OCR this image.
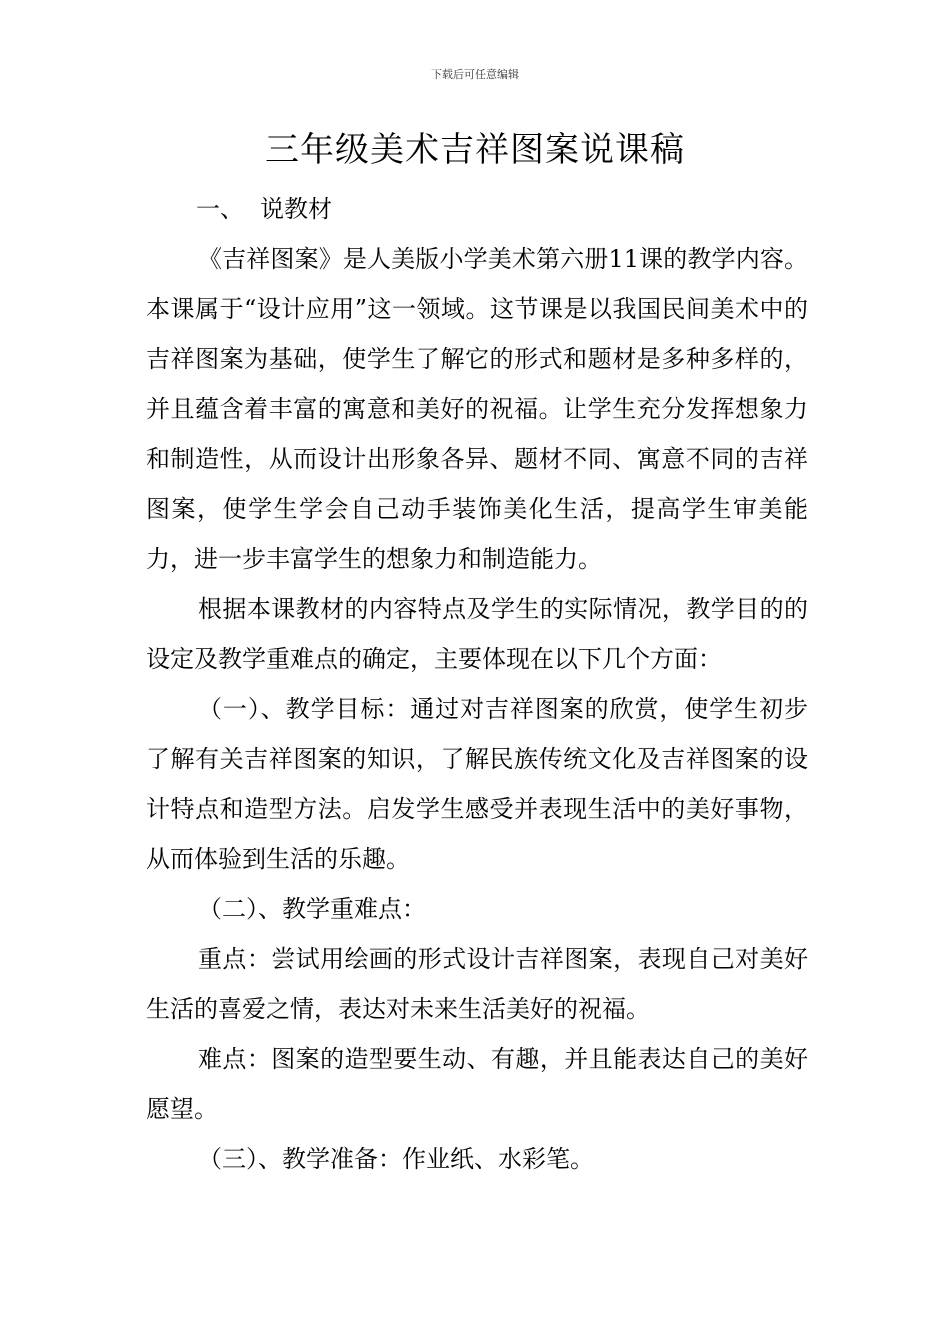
下载后可任意编辑
三年级美术吉祥图案说课稿

一、 说教材

《吉祥图案》是人美版小学美术第六册11课的教学内容。本课属于“设计应用”这一领域。这节课是以我国民间美术中的吉祥图案为基础，使学生了解它的形式和题材是多种多样的，并且蕴含着丰富的寓意和美好的祝福。让学生充分发挥想象力和制造性，从而设计出形象各异、题材不同、寓意不同的吉祥图案，使学生学会自己动手装饰美化生活，提高学生审美能力，进一步丰富学生的想象力和制造能力。

根据本课教材的内容特点及学生的实际情况，教学目的的设定及教学重难点的确定，主要体现在以下几个方面：

（一）、教学目标：通过对吉祥图案的欣赏，使学生初步了解有关吉祥图案的知识，了解民族传统文化及吉祥图案的设计特点和造型方法。启发学生感受并表现生活中的美好事物，从而体验到生活的乐趣。

（二）、教学重难点：

重点：尝试用绘画的形式设计吉祥图案，表现自己对美好生活的喜爱之情，表达对未来生活美好的祝福。

难点：图案的造型要生动、有趣，并且能表达自己的美好愿望。

（三）、教学准备：作业纸、水彩笔。
